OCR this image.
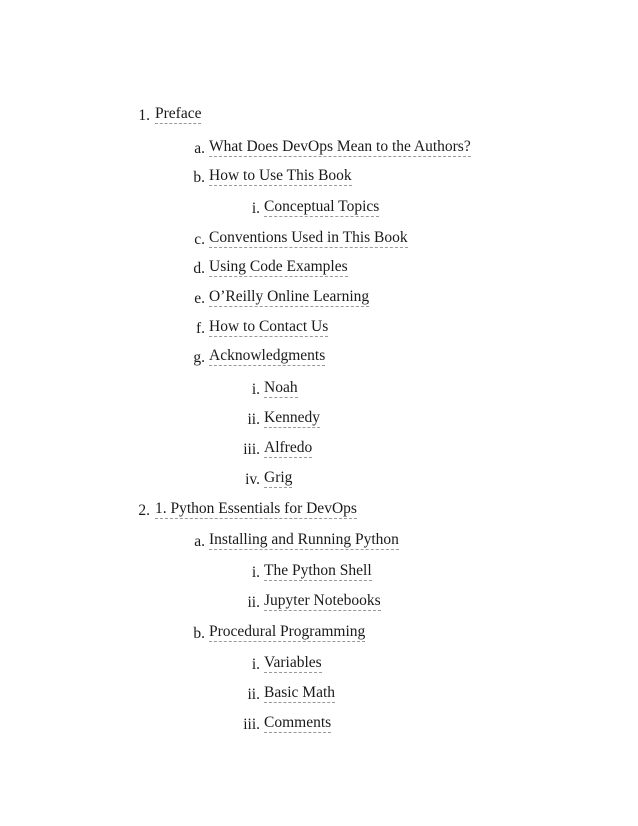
1. Preface
a. What Does DevOps Mean to the Authors?
b. How to Use This Book
i. Conceptual Topics
c. Conventions Used in This Book
d. Using Code Examples
e. O’Reilly Online Learning
f. How to Contact Us
g. Acknowledgments
i. Noah
ii. Kennedy
iii. Alfredo
iv. Grig
2. 1. Python Essentials for DevOps
a. Installing and Running Python
i. The Python Shell
ii. Jupyter Notebooks
b. Procedural Programming
i. Variables
ii. Basic Math
iii. Comments
